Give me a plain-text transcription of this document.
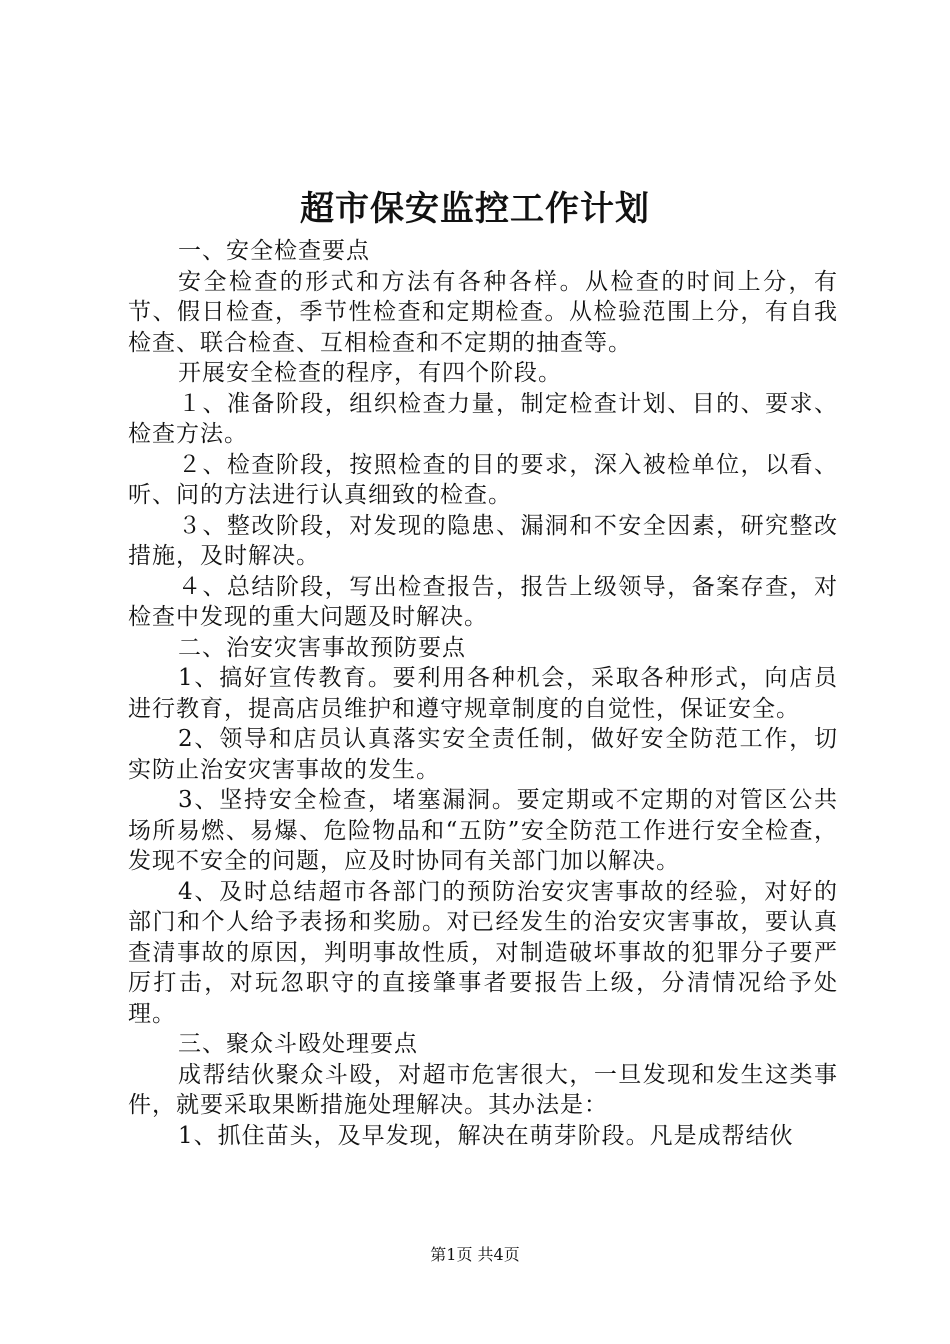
超市保安监控工作计划

一、安全检查要点

安全检查的形式和方法有各种各样。从检查的时间上分，有节、假日检查，季节性检查和定期检查。从检验范围上分，有自我检查、联合检查、互相检查和不定期的抽查等。

开展安全检查的程序，有四个阶段。

１、准备阶段，组织检查力量，制定检查计划、目的、要求、检查方法。

２、检查阶段，按照检查的目的要求，深入被检单位，以看、听、问的方法进行认真细致的检查。

３、整改阶段，对发现的隐患、漏洞和不安全因素，研究整改措施，及时解决。

４、总结阶段，写出检查报告，报告上级领导，备案存查，对检查中发现的重大问题及时解决。

二、治安灾害事故预防要点

1、搞好宣传教育。要利用各种机会，采取各种形式，向店员进行教育，提高店员维护和遵守规章制度的自觉性，保证安全。

2、领导和店员认真落实安全责任制，做好安全防范工作，切实防止治安灾害事故的发生。

3、坚持安全检查，堵塞漏洞。要定期或不定期的对管区公共场所易燃、易爆、危险物品和“五防”安全防范工作进行安全检查，发现不安全的问题，应及时协同有关部门加以解决。

4、及时总结超市各部门的预防治安灾害事故的经验，对好的部门和个人给予表扬和奖励。对已经发生的治安灾害事故，要认真查清事故的原因，判明事故性质，对制造破坏事故的犯罪分子要严厉打击，对玩忽职守的直接肇事者要报告上级，分清情况给予处理。

三、聚众斗殴处理要点

成帮结伙聚众斗殴，对超市危害很大，一旦发现和发生这类事件，就要采取果断措施处理解决。其办法是：

1、抓住苗头，及早发现，解决在萌芽阶段。凡是成帮结伙

第1页 共4页
